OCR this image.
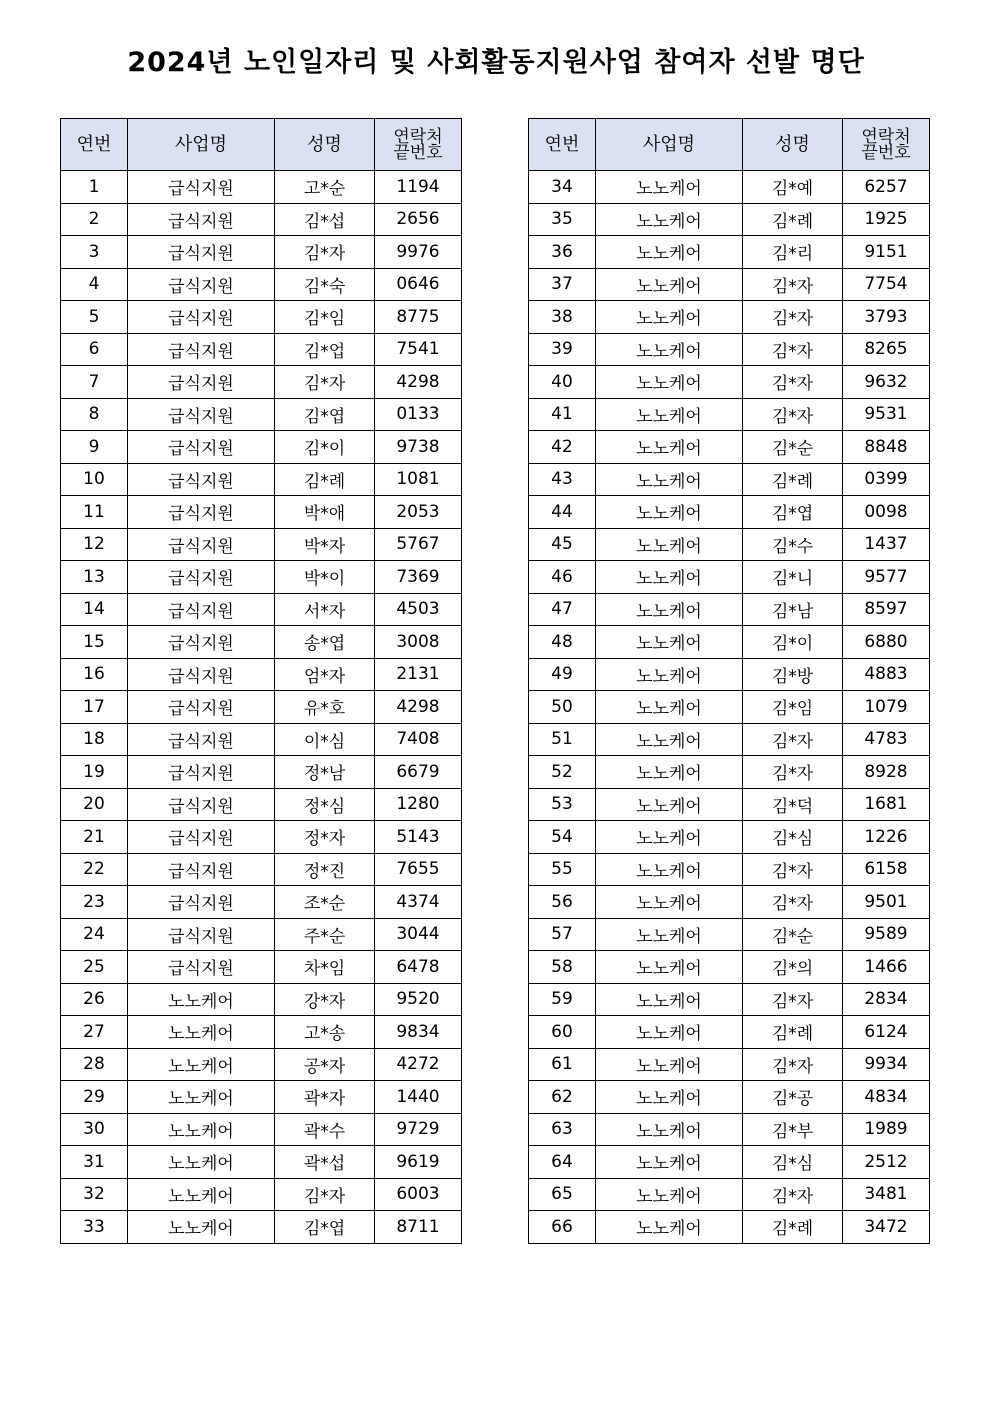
2024년 노인일자리 및 사회활동지원사업 참여자 선발 명단
연번	사업명	성명	연락처
끝번호
1	급식지원	고*순	1194
2	급식지원	김*섭	2656
3	급식지원	김*자	9976
4	급식지원	김*숙	0646
5	급식지원	김*임	8775
6	급식지원	김*업	7541
7	급식지원	김*자	4298
8	급식지원	김*엽	0133
9	급식지원	김*이	9738
10	급식지원	김*례	1081
11	급식지원	박*애	2053
12	급식지원	박*자	5767
13	급식지원	박*이	7369
14	급식지원	서*자	4503
15	급식지원	송*엽	3008
16	급식지원	엄*자	2131
17	급식지원	유*호	4298
18	급식지원	이*심	7408
19	급식지원	정*남	6679
20	급식지원	정*심	1280
21	급식지원	정*자	5143
22	급식지원	정*진	7655
23	급식지원	조*순	4374
24	급식지원	주*순	3044
25	급식지원	차*임	6478
26	노노케어	강*자	9520
27	노노케어	고*송	9834
28	노노케어	공*자	4272
29	노노케어	곽*자	1440
30	노노케어	곽*수	9729
31	노노케어	곽*섭	9619
32	노노케어	김*자	6003
33	노노케어	김*엽	8711
연번	사업명	성명	연락처
끝번호
34	노노케어	김*예	6257
35	노노케어	김*례	1925
36	노노케어	김*리	9151
37	노노케어	김*자	7754
38	노노케어	김*자	3793
39	노노케어	김*자	8265
40	노노케어	김*자	9632
41	노노케어	김*자	9531
42	노노케어	김*순	8848
43	노노케어	김*례	0399
44	노노케어	김*엽	0098
45	노노케어	김*수	1437
46	노노케어	김*니	9577
47	노노케어	김*남	8597
48	노노케어	김*이	6880
49	노노케어	김*방	4883
50	노노케어	김*임	1079
51	노노케어	김*자	4783
52	노노케어	김*자	8928
53	노노케어	김*덕	1681
54	노노케어	김*심	1226
55	노노케어	김*자	6158
56	노노케어	김*자	9501
57	노노케어	김*순	9589
58	노노케어	김*의	1466
59	노노케어	김*자	2834
60	노노케어	김*례	6124
61	노노케어	김*자	9934
62	노노케어	김*공	4834
63	노노케어	김*부	1989
64	노노케어	김*심	2512
65	노노케어	김*자	3481
66	노노케어	김*례	3472
